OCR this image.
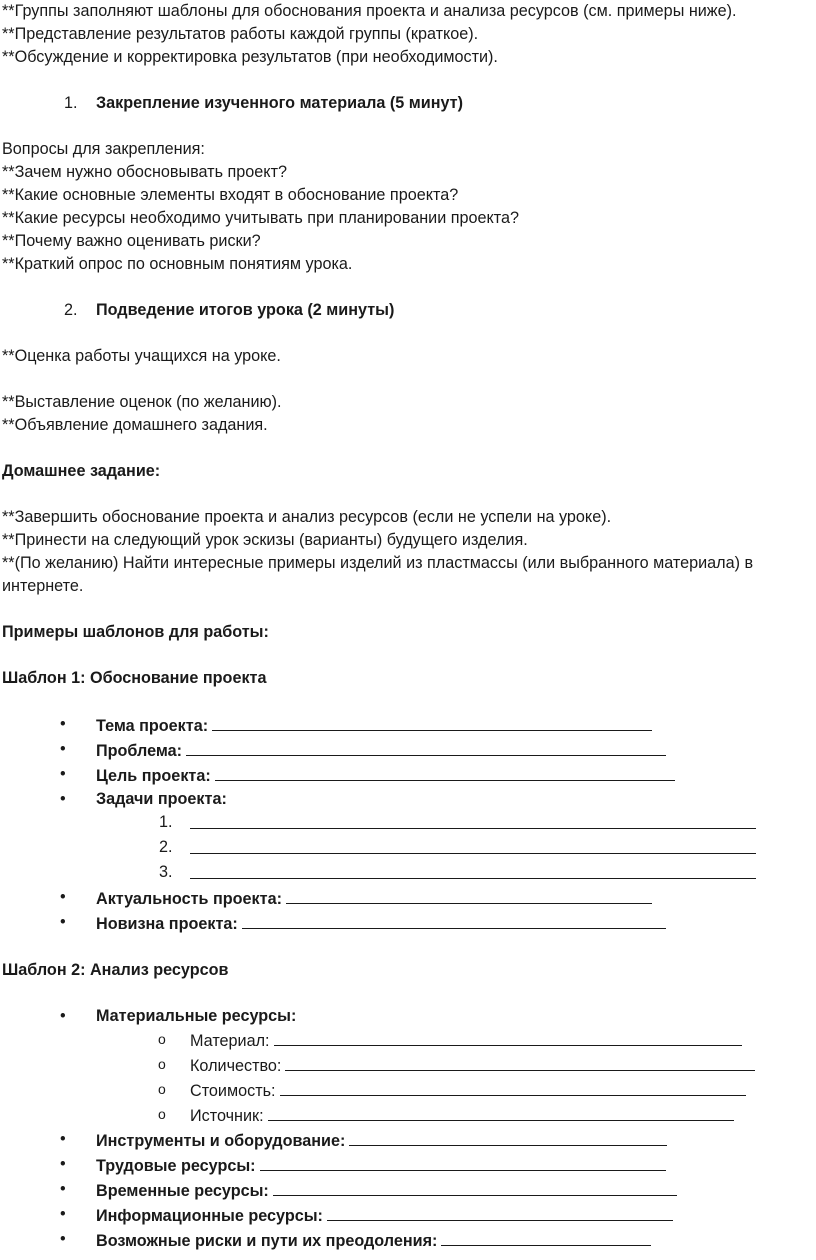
**Группы заполняют шаблоны для обоснования проекта и анализа ресурсов (см. примеры ниже).

**Представление результатов работы каждой группы (краткое).

**Обсуждение и корректировка результатов (при необходимости).

1. Закрепление изученного материала (5 минут)

Вопросы для закрепления:

**Зачем нужно обосновывать проект?

**Какие основные элементы входят в обоснование проекта?

**Какие ресурсы необходимо учитывать при планировании проекта?

**Почему важно оценивать риски?

**Краткий опрос по основным понятиям урока.

2. Подведение итогов урока (2 минуты)

**Оценка работы учащихся на уроке.

**Выставление оценок (по желанию).

**Объявление домашнего задания.

Домашнее задание:

**Завершить обоснование проекта и анализ ресурсов (если не успели на уроке).

**Принести на следующий урок эскизы (варианты) будущего изделия.

**(По желанию) Найти интересные примеры изделий из пластмассы (или выбранного материала) в интернете.

Примеры шаблонов для работы:

Шаблон 1: Обоснование проекта

• Тема проекта:
• Проблема:
• Цель проекта:
• Задачи проекта:
1.
2.
3.
• Актуальность проекта:
• Новизна проекта:

Шаблон 2: Анализ ресурсов

• Материальные ресурсы:
o Материал:
o Количество:
o Стоимость:
o Источник:
• Инструменты и оборудование:
• Трудовые ресурсы:
• Временные ресурсы:
• Информационные ресурсы:
• Возможные риски и пути их преодоления:
